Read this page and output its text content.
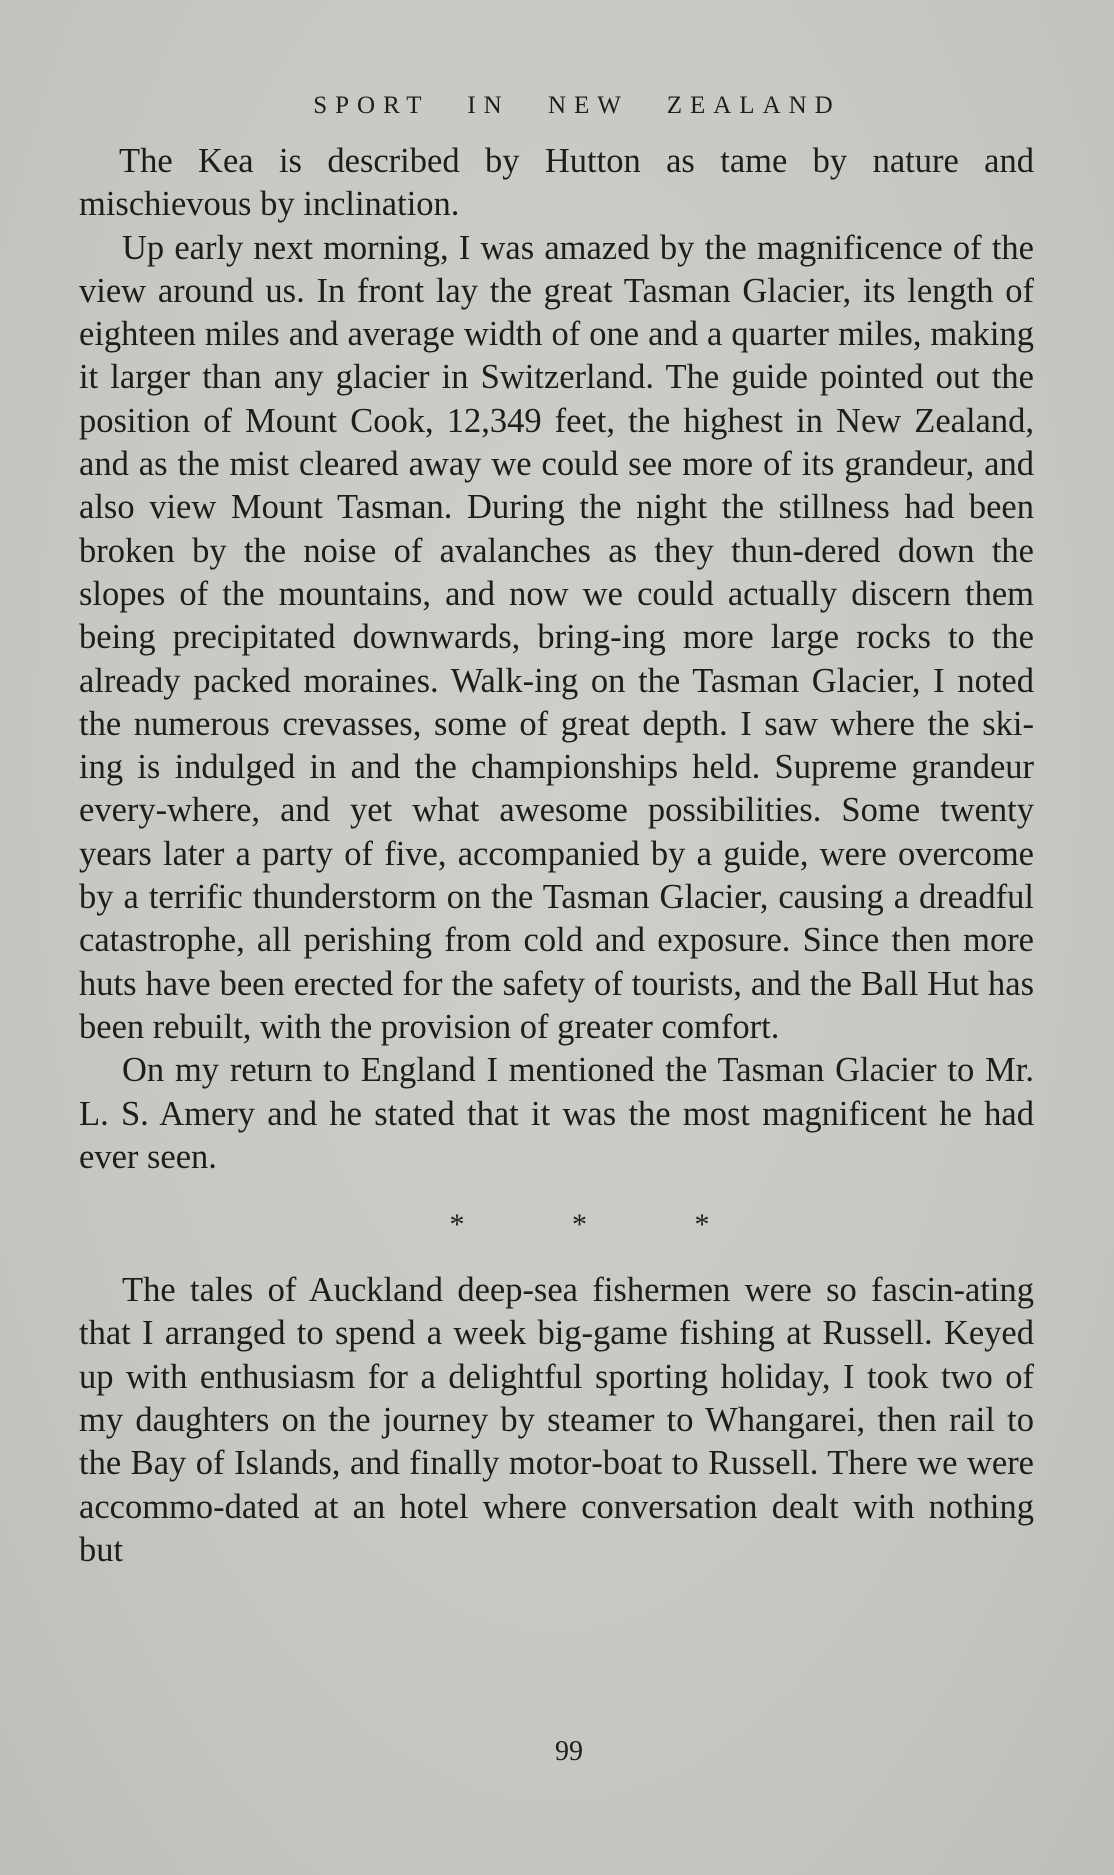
SPORT IN NEW ZEALAND

The Kea is described by Hutton as tame by nature and mischievous by inclination.

Up early next morning, I was amazed by the magnificence of the view around us. In front lay the great Tasman Glacier, its length of eighteen miles and average width of one and a quarter miles, making it larger than any glacier in Switzerland. The guide pointed out the position of Mount Cook, 12,349 feet, the highest in New Zealand, and as the mist cleared away we could see more of its grandeur, and also view Mount Tasman. During the night the stillness had been broken by the noise of avalanches as they thun‐dered down the slopes of the mountains, and now we could actually discern them being precipitated downwards, bring‐ing more large rocks to the already packed moraines. Walk‐ing on the Tasman Glacier, I noted the numerous crevasses, some of great depth. I saw where the ski‐ing is indulged in and the championships held. Supreme grandeur every‐where, and yet what awesome possibilities. Some twenty years later a party of five, accompanied by a guide, were overcome by a terrific thunderstorm on the Tasman Glacier, causing a dreadful catastrophe, all perishing from cold and exposure. Since then more huts have been erected for the safety of tourists, and the Ball Hut has been rebuilt, with the provision of greater comfort.

On my return to England I mentioned the Tasman Glacier to Mr. L. S. Amery and he stated that it was the most magnificent he had ever seen.

* * *

The tales of Auckland deep‐sea fishermen were so fascin‐ating that I arranged to spend a week big‐game fishing at Russell. Keyed up with enthusiasm for a delightful sporting holiday, I took two of my daughters on the journey by steamer to Whangarei, then rail to the Bay of Islands, and finally motor‐boat to Russell. There we were accommo‐dated at an hotel where conversation dealt with nothing but

99
